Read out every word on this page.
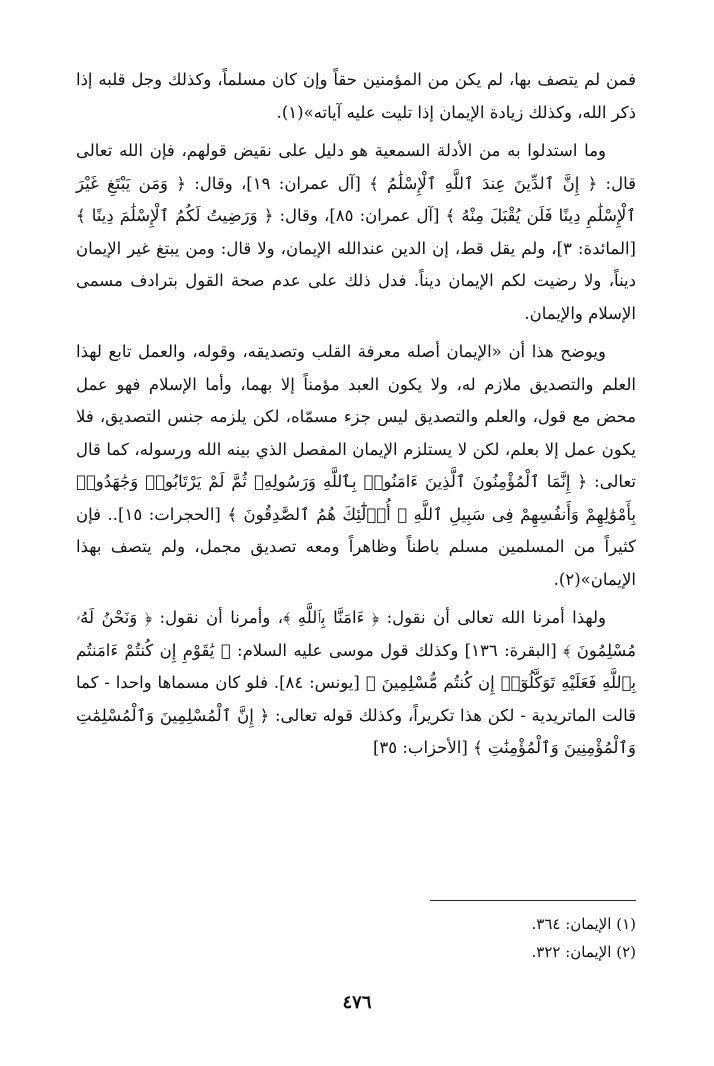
فمن لم يتصف بها، لم يكن من المؤمنين حقاً وإن كان مسلماً، وكذلك وجل قلبه إذا ذكر الله، وكذلك زيادة الإيمان إذا تليت عليه آياته»(١).

وما استدلوا به من الأدلة السمعية هو دليل على نقيض قولهم، فإن الله تعالى قال: ﴿ إِنَّ ٱلدِّينَ عِندَ ٱللَّهِ ٱلْإِسْلَٰمُ ﴾ [آل عمران: ١٩]، وقال: ﴿ وَمَن يَبْتَغِ غَيْرَ ٱلْإِسْلَٰمِ دِينًا فَلَن يُقْبَلَ مِنْهُ ﴾ [آل عمران: ٨٥]، وقال: ﴿ وَرَضِيتُ لَكُمُ ٱلْإِسْلَٰمَ دِينًا ﴾ [المائدة: ٣]، ولم يقل قط، إن الدين عندالله الإيمان، ولا قال: ومن يبتغ غير الإيمان ديناً، ولا رضيت لكم الإيمان ديناً. فدل ذلك على عدم صحة القول بترادف مسمى الإسلام والإيمان.

ويوضح هذا أن «الإيمان أصله معرفة القلب وتصديقه، وقوله، والعمل تابع لهذا العلم والتصديق ملازم له، ولا يكون العبد مؤمناً إلا بهما، وأما الإسلام فهو عمل محض مع قول، والعلم والتصديق ليس جزء مسمّاه، لكن يلزمه جنس التصديق، فلا يكون عمل إلا بعلم، لكن لا يستلزم الإيمان المفصل الذي بينه الله ورسوله، كما قال تعالى: ﴿ إِنَّمَا ٱلْمُؤْمِنُونَ ٱلَّذِينَ ءَامَنُوا۟ بِٱللَّهِ وَرَسُولِهِۦ ثُمَّ لَمْ يَرْتَابُوا۟ وَجَٰهَدُوا۟ بِأَمْوَٰلِهِمْ وَأَنفُسِهِمْ فِى سَبِيلِ ٱللَّهِ ۚ أُو۟لَٰٓئِكَ هُمُ ٱلصَّٰدِقُونَ ﴾ [الحجرات: ١٥].. فإن كثيراً من المسلمين مسلم باطناً وظاهراً ومعه تصديق مجمل، ولم يتصف بهذا الإيمان»(٢).

ولهذا أمرنا الله تعالى أن نقول: ﴿ ءَامَنَّا بِٱللَّهِ ﴾، وأمرنا أن نقول: ﴿ وَنَحْنُ لَهُۥ مُسْلِمُونَ ﴾ [البقرة: ١٣٦] وكذلك قول موسى عليه السلام: ﴿ يَٰقَوْمِ إِن كُنتُمْ ءَامَنتُم بِٱللَّهِ فَعَلَيْهِ تَوَكَّلُوٓا۟ إِن كُنتُم مُّسْلِمِينَ ﴾ [يونس: ٨٤]. فلو كان مسماها واحدا - كما قالت الماتريدية - لكن هذا تكريراً، وكذلك قوله تعالى: ﴿ إِنَّ ٱلْمُسْلِمِينَ وَٱلْمُسْلِمَٰتِ وَٱلْمُؤْمِنِينَ وَٱلْمُؤْمِنَٰتِ ﴾ [الأحزاب: ٣٥]

(١) الإيمان: ٣٦٤.
(٢) الإيمان: ٣٢٢.
٤٧٦
